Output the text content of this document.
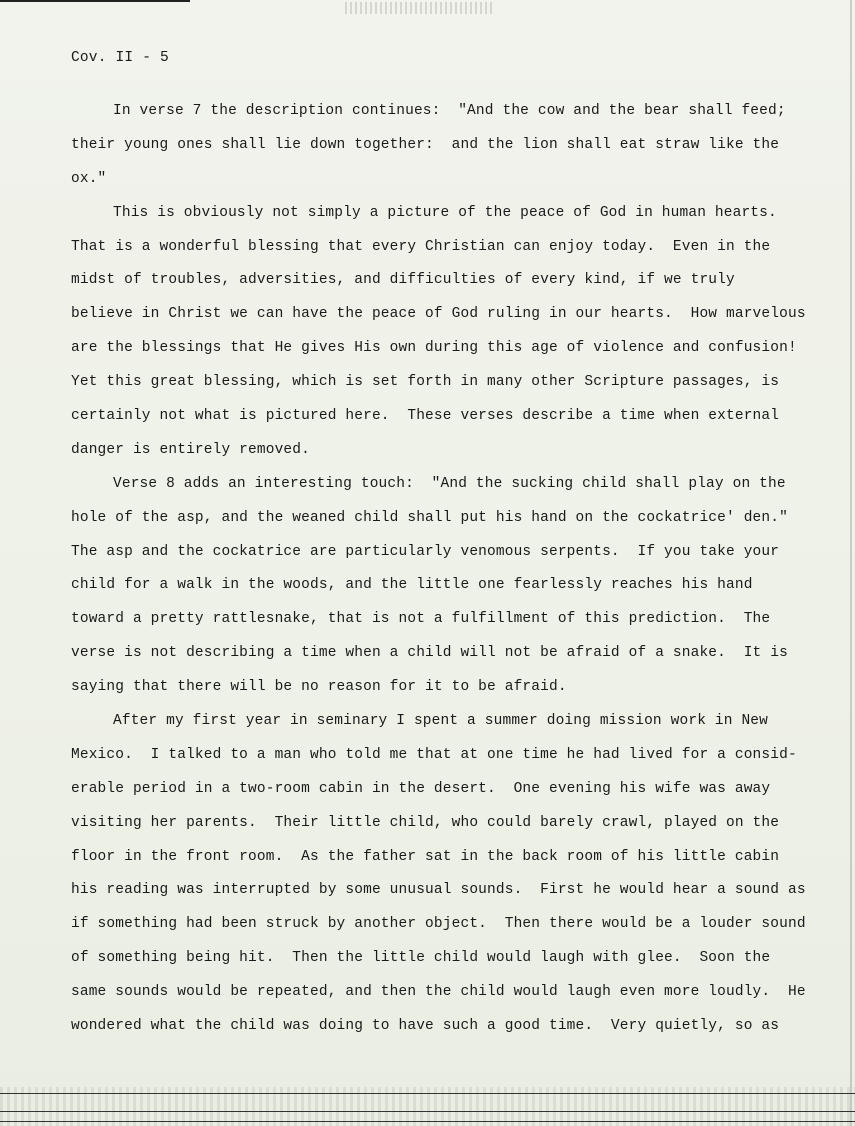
Cov. II - 5
In verse 7 the description continues:  "And the cow and the bear shall feed;
their young ones shall lie down together:  and the lion shall eat straw like the
ox."
This is obviously not simply a picture of the peace of God in human hearts.
That is a wonderful blessing that every Christian can enjoy today.  Even in the
midst of troubles, adversities, and difficulties of every kind, if we truly
believe in Christ we can have the peace of God ruling in our hearts.  How marvelous
are the blessings that He gives His own during this age of violence and confusion!
Yet this great blessing, which is set forth in many other Scripture passages, is
certainly not what is pictured here.  These verses describe a time when external
danger is entirely removed.
Verse 8 adds an interesting touch:  "And the sucking child shall play on the
hole of the asp, and the weaned child shall put his hand on the cockatrice' den."
The asp and the cockatrice are particularly venomous serpents.  If you take your
child for a walk in the woods, and the little one fearlessly reaches his hand
toward a pretty rattlesnake, that is not a fulfillment of this prediction.  The
verse is not describing a time when a child will not be afraid of a snake.  It is
saying that there will be no reason for it to be afraid.
After my first year in seminary I spent a summer doing mission work in New
Mexico.  I talked to a man who told me that at one time he had lived for a consid-
erable period in a two-room cabin in the desert.  One evening his wife was away
visiting her parents.  Their little child, who could barely crawl, played on the
floor in the front room.  As the father sat in the back room of his little cabin
his reading was interrupted by some unusual sounds.  First he would hear a sound as
if something had been struck by another object.  Then there would be a louder sound
of something being hit.  Then the little child would laugh with glee.  Soon the
same sounds would be repeated, and then the child would laugh even more loudly.  He
wondered what the child was doing to have such a good time.  Very quietly, so as
